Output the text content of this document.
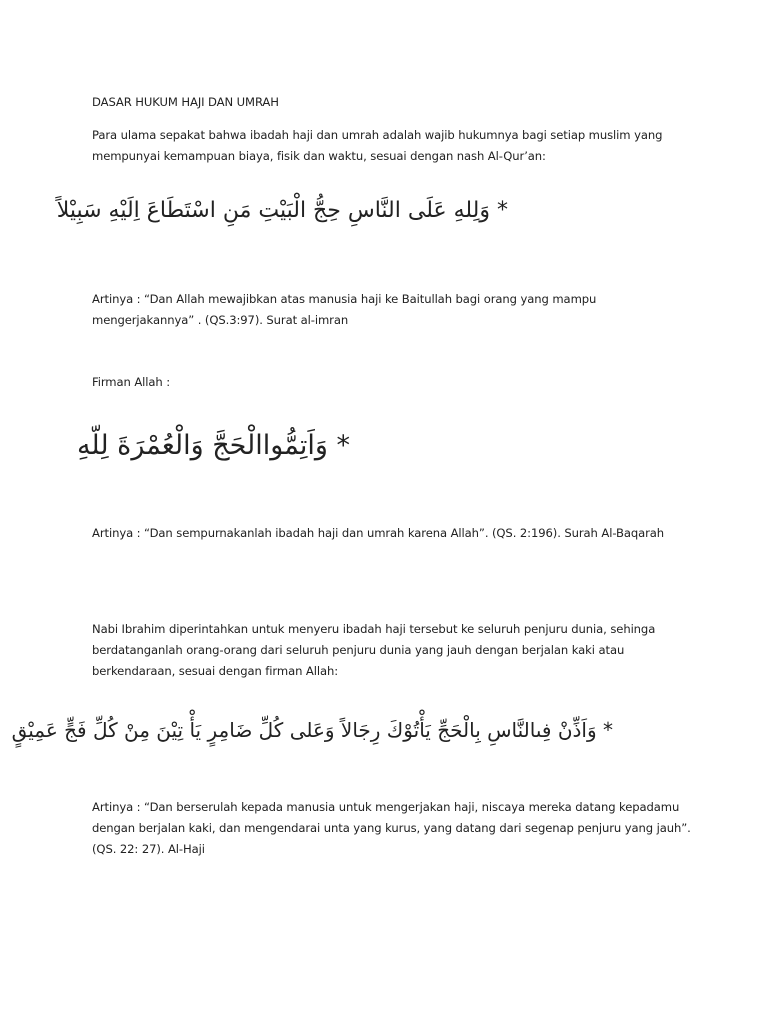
DASAR HUKUM HAJI DAN UMRAH

Para ulama sepakat bahwa ibadah haji dan umrah adalah wajib hukumnya bagi setiap muslim yang mempunyai kemampuan biaya, fisik dan waktu, sesuai dengan nash Al-Qur’an:

* وَلِلهِ عَلَى النَّاسِ حِجُّ الْبَيْتِ مَنِ اسْتَطَاعَ اِلَيْهِ سَبِيْلاً

Artinya : “Dan Allah mewajibkan atas manusia haji ke Baitullah bagi orang yang mampu mengerjakannya” . (QS.3:97). Surat al-imran

Firman Allah :

* وَاَتِمُّواالْحَجَّ وَالْعُمْرَةَ لِلّهِ

Artinya : “Dan sempurnakanlah ibadah haji dan umrah karena Allah”. (QS. 2:196). Surah Al-Baqarah

Nabi Ibrahim diperintahkan untuk menyeru ibadah haji tersebut ke seluruh penjuru dunia, sehinga berdatanganlah orang-orang dari seluruh penjuru dunia yang jauh dengan berjalan kaki atau berkendaraan, sesuai dengan firman Allah:

* وَاَذِّنْ فِىالنَّاسِ بِالْحَجِّ يَأْتُوْكَ رِجَالاً وَعَلى كُلِّ ضَامِرٍ يَأْ تِيْنَ مِنْ كُلِّ فَجٍّ عَمِيْقٍ

Artinya : “Dan berserulah kepada manusia untuk mengerjakan haji, niscaya mereka datang kepadamu dengan berjalan kaki, dan mengendarai unta yang kurus, yang datang dari segenap penjuru yang jauh”. (QS. 22: 27). Al-Haji
